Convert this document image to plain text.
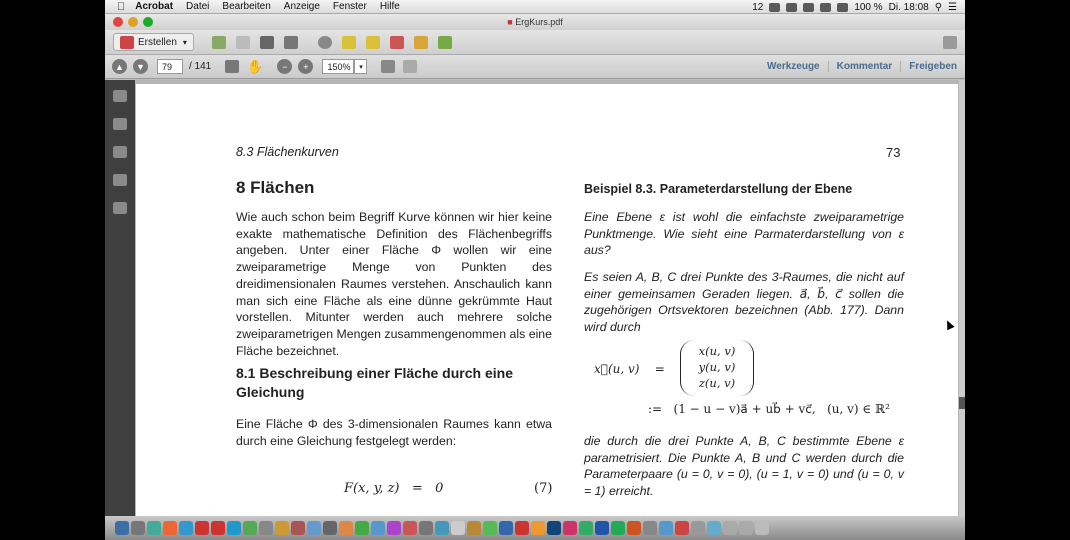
Acrobat Datei Bearbeiten Anzeige Fenster Hilfe	12	100 % Di. 18:08 ⚲ ☰
■ ErgKurs.pdf
Erstellen ▾
▲	▼	79	/ 141	✋	−	+	150%	▾	Werkzeuge	Kommentar	Freigeben
8.3 Flächenkurven	73
8 Flächen
Wie auch schon beim Begriff Kurve können wir hier keine exakte mathematische Definition des Flächenbegriffs angeben. Unter einer Fläche Φ wollen wir eine zweiparametrige Menge von Punkten des dreidimensionalen Raumes verstehen. Anschaulich kann man sich eine Fläche als eine dünne gekrümmte Haut vorstellen. Mitunter werden auch mehrere solche zweiparametrigen Mengen zusammengenommen als eine Fläche bezeichnet.
8.1 Beschreibung einer Fläche durch eine Gleichung
Eine Fläche Φ des 3-dimensionalen Raumes kann etwa durch eine Gleichung festgelegt werden:
F(x, y, z)   =   0	(7)
Beispiel 8.3. Parameterdarstellung der Ebene
Eine Ebene ε ist wohl die einfachste zweiparametrige Punktmenge. Wie sieht eine Parmaterdarstellung von ε aus?
Es seien A, B, C drei Punkte des 3-Raumes, die nicht auf einer gemeinsamen Geraden liegen. a⃗, b⃗, c⃗ sollen die zugehörigen Ortsvektoren bezeichnen (Abb. 177). Dann wird durch
x⃗(u, v)    =
x(u, v)
y(u, v)
z(u, v)
:=   (1 − u − v)a⃗ + ub⃗ + vc⃗,   (u, v) ∈ ℝ²
die durch die drei Punkte A, B, C bestimmte Ebene ε parametrisiert. Die Punkte A, B und C werden durch die Parameterpaare (u = 0, v = 0), (u = 1, v = 0) und (u = 0, v = 1) erreicht.
